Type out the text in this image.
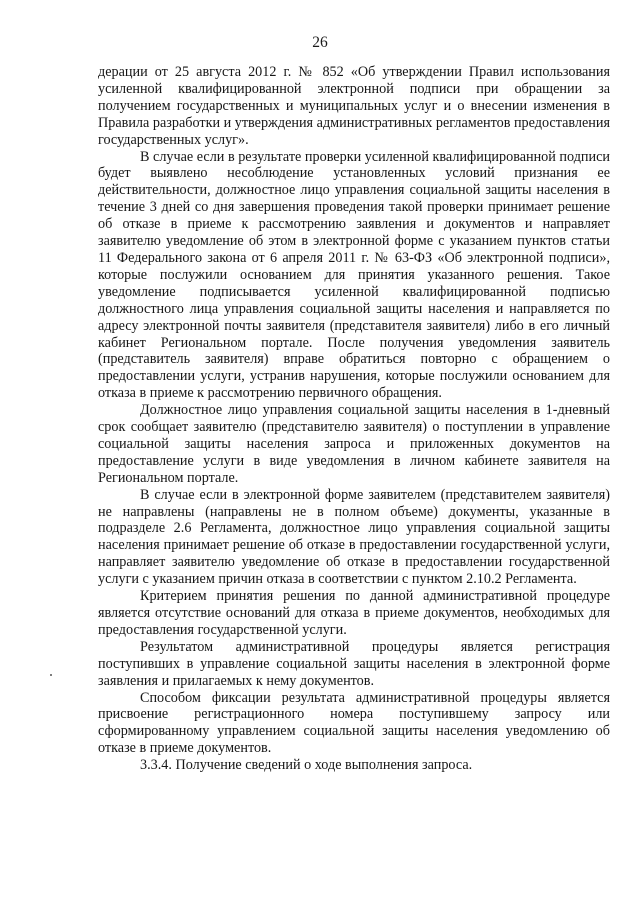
26

дерации от 25 августа 2012 г. № 852 «Об утверждении Правил использования усиленной квалифицированной электронной подписи при обращении за получением государственных и муниципальных услуг и о внесении изменения в Правила разработки и утверждения административных регламентов предоставления государственных услуг».

В случае если в результате проверки усиленной квалифицированной подписи будет выявлено несоблюдение установленных условий признания ее действительности, должностное лицо управления социальной защиты населения в течение 3 дней со дня завершения проведения такой проверки принимает решение об отказе в приеме к рассмотрению заявления и документов и направляет заявителю уведомление об этом в электронной форме с указанием пунктов статьи 11 Федерального закона от 6 апреля 2011 г. № 63-ФЗ «Об электронной подписи», которые послужили основанием для принятия указанного решения. Такое уведомление подписывается усиленной квалифицированной подписью должностного лица управления социальной защиты населения и направляется по адресу электронной почты заявителя (представителя заявителя) либо в его личный кабинет Региональном портале. После получения уведомления заявитель (представитель заявителя) вправе обратиться повторно с обращением о предоставлении услуги, устранив нарушения, которые послужили основанием для отказа в приеме к рассмотрению первичного обращения.

Должностное лицо управления социальной защиты населения в 1-дневный срок сообщает заявителю (представителю заявителя) о поступлении в управление социальной защиты населения запроса и приложенных документов на предоставление услуги в виде уведомления в личном кабинете заявителя на Региональном портале.

В случае если в электронной форме заявителем (представителем заявителя) не направлены (направлены не в полном объеме) документы, указанные в подразделе 2.6 Регламента, должностное лицо управления социальной защиты населения принимает решение об отказе в предоставлении государственной услуги, направляет заявителю уведомление об отказе в предоставлении государственной услуги с указанием причин отказа в соответствии с пунктом 2.10.2 Регламента.

Критерием принятия решения по данной административной процедуре является отсутствие оснований для отказа в приеме документов, необходимых для предоставления государственной услуги.

Результатом административной процедуры является регистрация поступивших в управление социальной защиты населения в электронной форме заявления и прилагаемых к нему документов.

Способом фиксации результата административной процедуры является присвоение регистрационного номера поступившему запросу или сформированному управлением социальной защиты населения уведомлению об отказе в приеме документов.

3.3.4. Получение сведений о ходе выполнения запроса.
